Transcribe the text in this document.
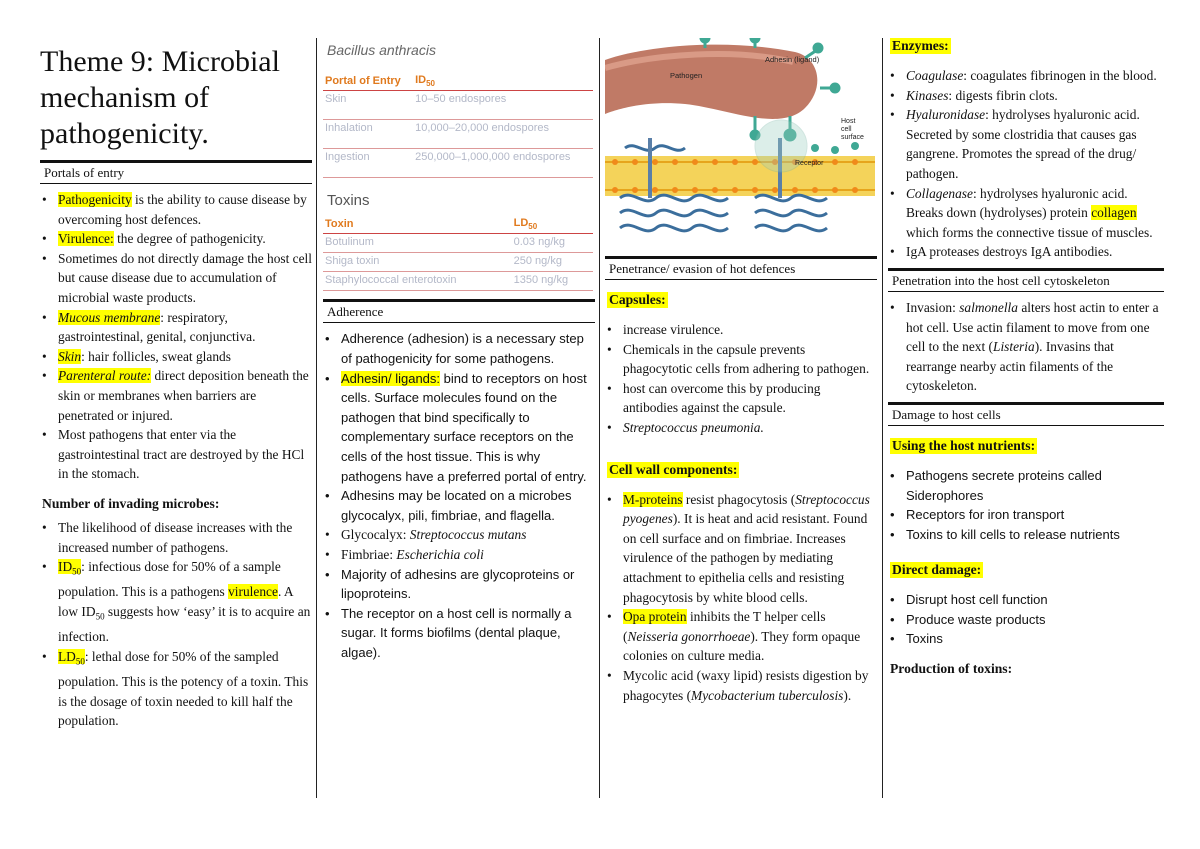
Theme 9: Microbial mechanism of pathogenicity.
Portals of entry
• Pathogenicity is the ability to cause disease by overcoming host defences.
• Virulence: the degree of pathogenicity.
• Sometimes do not directly damage the host cell but cause disease due to accumulation of microbial waste products.
• Mucous membrane: respiratory, gastrointestinal, genital, conjunctiva.
• Skin: hair follicles, sweat glands
• Parenteral route: direct deposition beneath the skin or membranes when barriers are penetrated or injured.
• Most pathogens that enter via the gastrointestinal tract are destroyed by the HCl in the stomach.
Number of invading microbes:
• The likelihood of disease increases with the increased number of pathogens.
• $ID_{50}$: infectious dose for 50% of a sample population. This is a pathogens virulence. A low $ID_{50}$ suggests how ‘easy’ it is to acquire an infection.
• $LD_{50}$: lethal dose for 50% of the sampled population. This is the potency of a toxin. This is the dosage of toxin needed to kill half the population.
Bacillus anthracis
Portal of Entry	$ID_{50}$
Skin	10–50 endospores
Inhalation	10,000–20,000 endospores
Ingestion	250,000–1,000,000 endospores
Toxins
Toxin	$LD_{50}$
Botulinum	0.03 ng/kg
Shiga toxin	250 ng/kg
Staphylococcal enterotoxin	1350 ng/kg
Adherence
• Adherence (adhesion) is a necessary step of pathogenicity for some pathogens.
• Adhesin/ ligands: bind to receptors on host cells. Surface molecules found on the pathogen that bind specifically to complementary surface receptors on the cells of the host tissue. This is why pathogens have a preferred portal of entry.
• Adhesins may be located on a microbes glycocalyx, pili, fimbriae, and flagella.
• Glycocalyx: Streptococcus mutans
• Fimbriae: Escherichia coli
• Majority of adhesins are glycoproteins or lipoproteins.
• The receptor on a host cell is normally a sugar. It forms biofilms (dental plaque, algae).
Adhesin (ligand)
Pathogen
Host
cell
surface
Receptor
Penetrance/ evasion of hot defences
Capsules:
• increase virulence.
• Chemicals in the capsule prevents phagocytotic cells from adhering to pathogen.
• host can overcome this by producing antibodies against the capsule.
• Streptococcus pneumonia.
Cell wall components:
• M-proteins resist phagocytosis (Streptococcus pyogenes). It is heat and acid resistant. Found on cell surface and on fimbriae. Increases virulence of the pathogen by mediating attachment to epithelia cells and resisting phagocytosis by white blood cells.
• Opa protein inhibits the T helper cells (Neisseria gonorrhoeae). They form opaque colonies on culture media.
• Mycolic acid (waxy lipid) resists digestion by phagocytes (Mycobacterium tuberculosis).
Enzymes:
• Coagulase: coagulates fibrinogen in the blood.
• Kinases: digests fibrin clots.
• Hyaluronidase: hydrolyses hyaluronic acid. Secreted by some clostridia that causes gas gangrene. Promotes the spread of the drug/ pathogen.
• Collagenase: hydrolyses hyaluronic acid. Breaks down (hydrolyses) protein collagen which forms the connective tissue of muscles.
• IgA proteases destroys IgA antibodies.
Penetration into the host cell cytoskeleton
• Invasion: salmonella alters host actin to enter a hot cell. Use actin filament to move from one cell to the next (Listeria). Invasins that rearrange nearby actin filaments of the cytoskeleton.
Damage to host cells
Using the host nutrients:
• Pathogens secrete proteins called Siderophores
• Receptors for iron transport
• Toxins to kill cells to release nutrients
Direct damage:
• Disrupt host cell function
• Produce waste products
• Toxins
Production of toxins:
